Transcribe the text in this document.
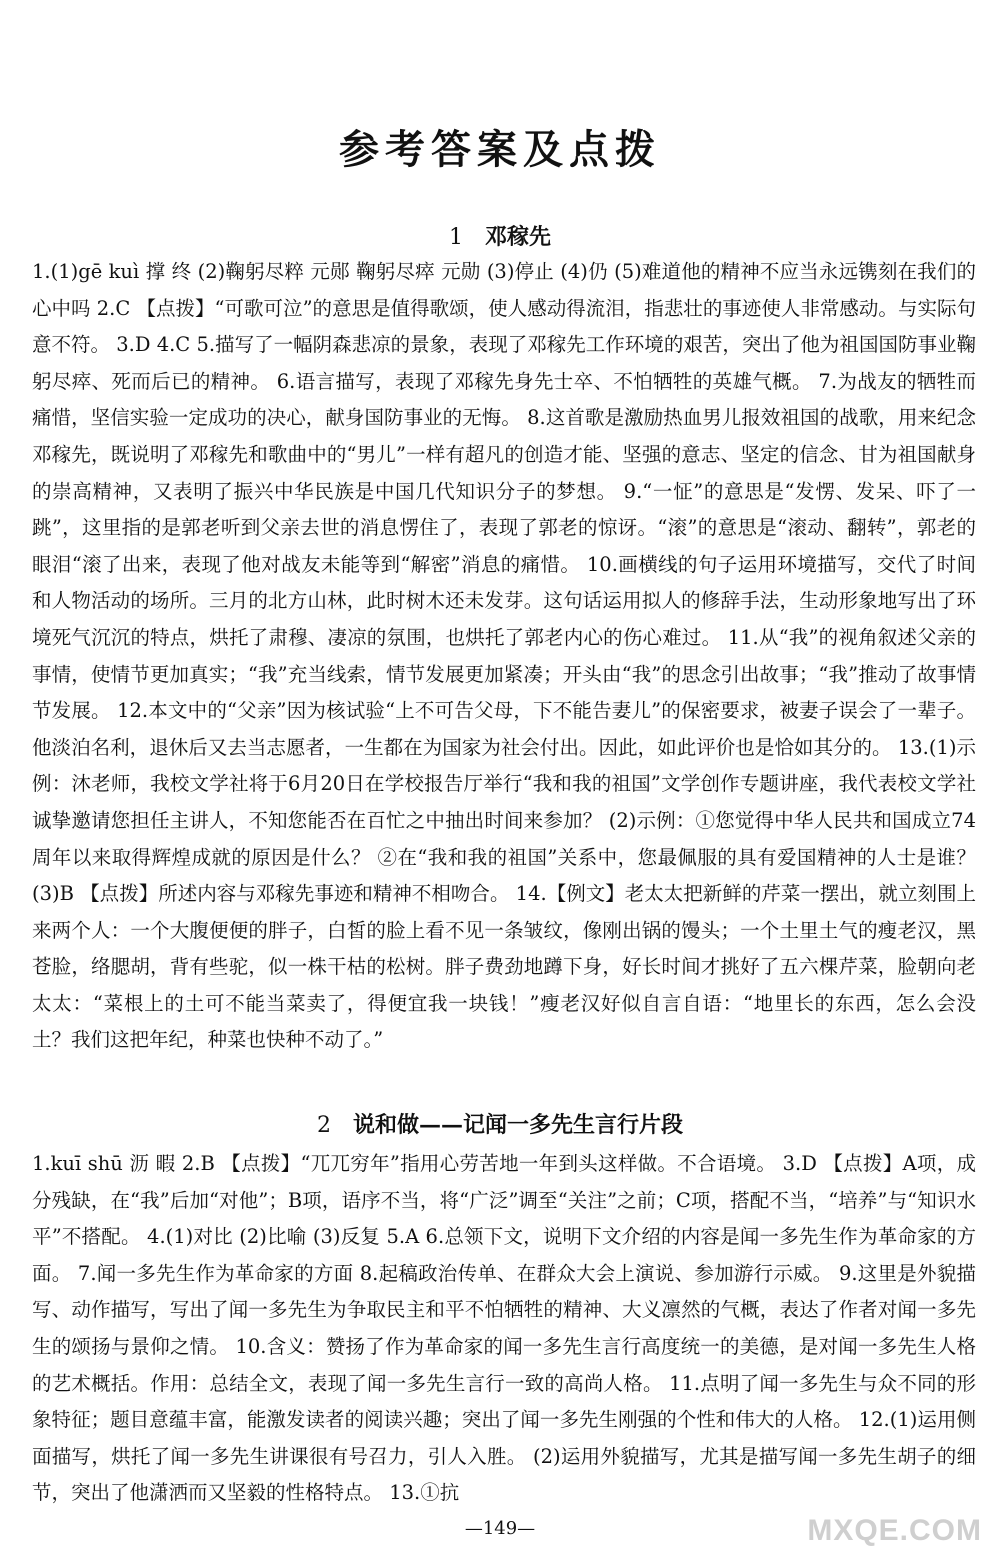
参考答案及点拨
1 邓稼先

1.(1)gē kuì 撑 终 (2)鞠躬尽粹 元郧 鞠躬尽瘁 元勋 (3)停止 (4)仍 (5)难道他的精神不应当永远镌刻在我们的心中吗 2.C 【点拨】“可歌可泣”的意思是值得歌颂，使人感动得流泪，指悲壮的事迹使人非常感动。与实际句意不符。 3.D 4.C 5.描写了一幅阴森悲凉的景象，表现了邓稼先工作环境的艰苦，突出了他为祖国国防事业鞠躬尽瘁、死而后已的精神。 6.语言描写，表现了邓稼先身先士卒、不怕牺牲的英雄气概。 7.为战友的牺牲而痛惜，坚信实验一定成功的决心，献身国防事业的无悔。 8.这首歌是激励热血男儿报效祖国的战歌，用来纪念邓稼先，既说明了邓稼先和歌曲中的“男儿”一样有超凡的创造才能、坚强的意志、坚定的信念、甘为祖国献身的崇高精神，又表明了振兴中华民族是中国几代知识分子的梦想。 9.“一怔”的意思是“发愣、发呆、吓了一跳”，这里指的是郭老听到父亲去世的消息愣住了，表现了郭老的惊讶。“滚”的意思是“滚动、翻转”，郭老的眼泪“滚了出来，表现了他对战友未能等到“解密”消息的痛惜。 10.画横线的句子运用环境描写，交代了时间和人物活动的场所。三月的北方山林，此时树木还未发芽。这句话运用拟人的修辞手法，生动形象地写出了环境死气沉沉的特点，烘托了肃穆、凄凉的氛围，也烘托了郭老内心的伤心难过。 11.从“我”的视角叙述父亲的事情，使情节更加真实；“我”充当线索，情节发展更加紧凑；开头由“我”的思念引出故事；“我”推动了故事情节发展。 12.本文中的“父亲”因为核试验“上不可告父母，下不能告妻儿”的保密要求，被妻子误会了一辈子。他淡泊名利，退休后又去当志愿者，一生都在为国家为社会付出。因此，如此评价也是恰如其分的。 13.(1)示例：沐老师，我校文学社将于6月20日在学校报告厅举行“我和我的祖国”文学创作专题讲座，我代表校文学社诚挚邀请您担任主讲人，不知您能否在百忙之中抽出时间来参加？ (2)示例：①您觉得中华人民共和国成立74周年以来取得辉煌成就的原因是什么？ ②在“我和我的祖国”关系中，您最佩服的具有爱国精神的人士是谁？ (3)B 【点拨】所述内容与邓稼先事迹和精神不相吻合。 14.【例文】老太太把新鲜的芹菜一摆出，就立刻围上来两个人：一个大腹便便的胖子，白皙的脸上看不见一条皱纹，像刚出锅的馒头；一个土里土气的瘦老汉，黑苍脸，络腮胡，背有些驼，似一株干枯的松树。胖子费劲地蹲下身，好长时间才挑好了五六棵芹菜，脸朝向老太太：“菜根上的土可不能当菜卖了，得便宜我一块钱！”瘦老汉好似自言自语：“地里长的东西，怎么会没土？我们这把年纪，种菜也快种不动了。”

2 说和做——记闻一多先生言行片段

1.kuī shū 沥 暇 2.B 【点拨】“兀兀穷年”指用心劳苦地一年到头这样做。不合语境。 3.D 【点拨】A项，成分残缺，在“我”后加“对他”；B项，语序不当，将“广泛”调至“关注”之前；C项，搭配不当，“培养”与“知识水平”不搭配。 4.(1)对比 (2)比喻 (3)反复 5.A 6.总领下文，说明下文介绍的内容是闻一多先生作为革命家的方面。 7.闻一多先生作为革命家的方面 8.起稿政治传单、在群众大会上演说、参加游行示威。 9.这里是外貌描写、动作描写，写出了闻一多先生为争取民主和平不怕牺牲的精神、大义凛然的气概，表达了作者对闻一多先生的颂扬与景仰之情。 10.含义：赞扬了作为革命家的闻一多先生言行高度统一的美德，是对闻一多先生人格的艺术概括。作用：总结全文，表现了闻一多先生言行一致的高尚人格。 11.点明了闻一多先生与众不同的形象特征；题目意蕴丰富，能激发读者的阅读兴趣；突出了闻一多先生刚强的个性和伟大的人格。 12.(1)运用侧面描写，烘托了闻一多先生讲课很有号召力，引人入胜。 (2)运用外貌描写，尤其是描写闻一多先生胡子的细节，突出了他潇洒而又坚毅的性格特点。 13.①抗

—149—	MXQE.COM
